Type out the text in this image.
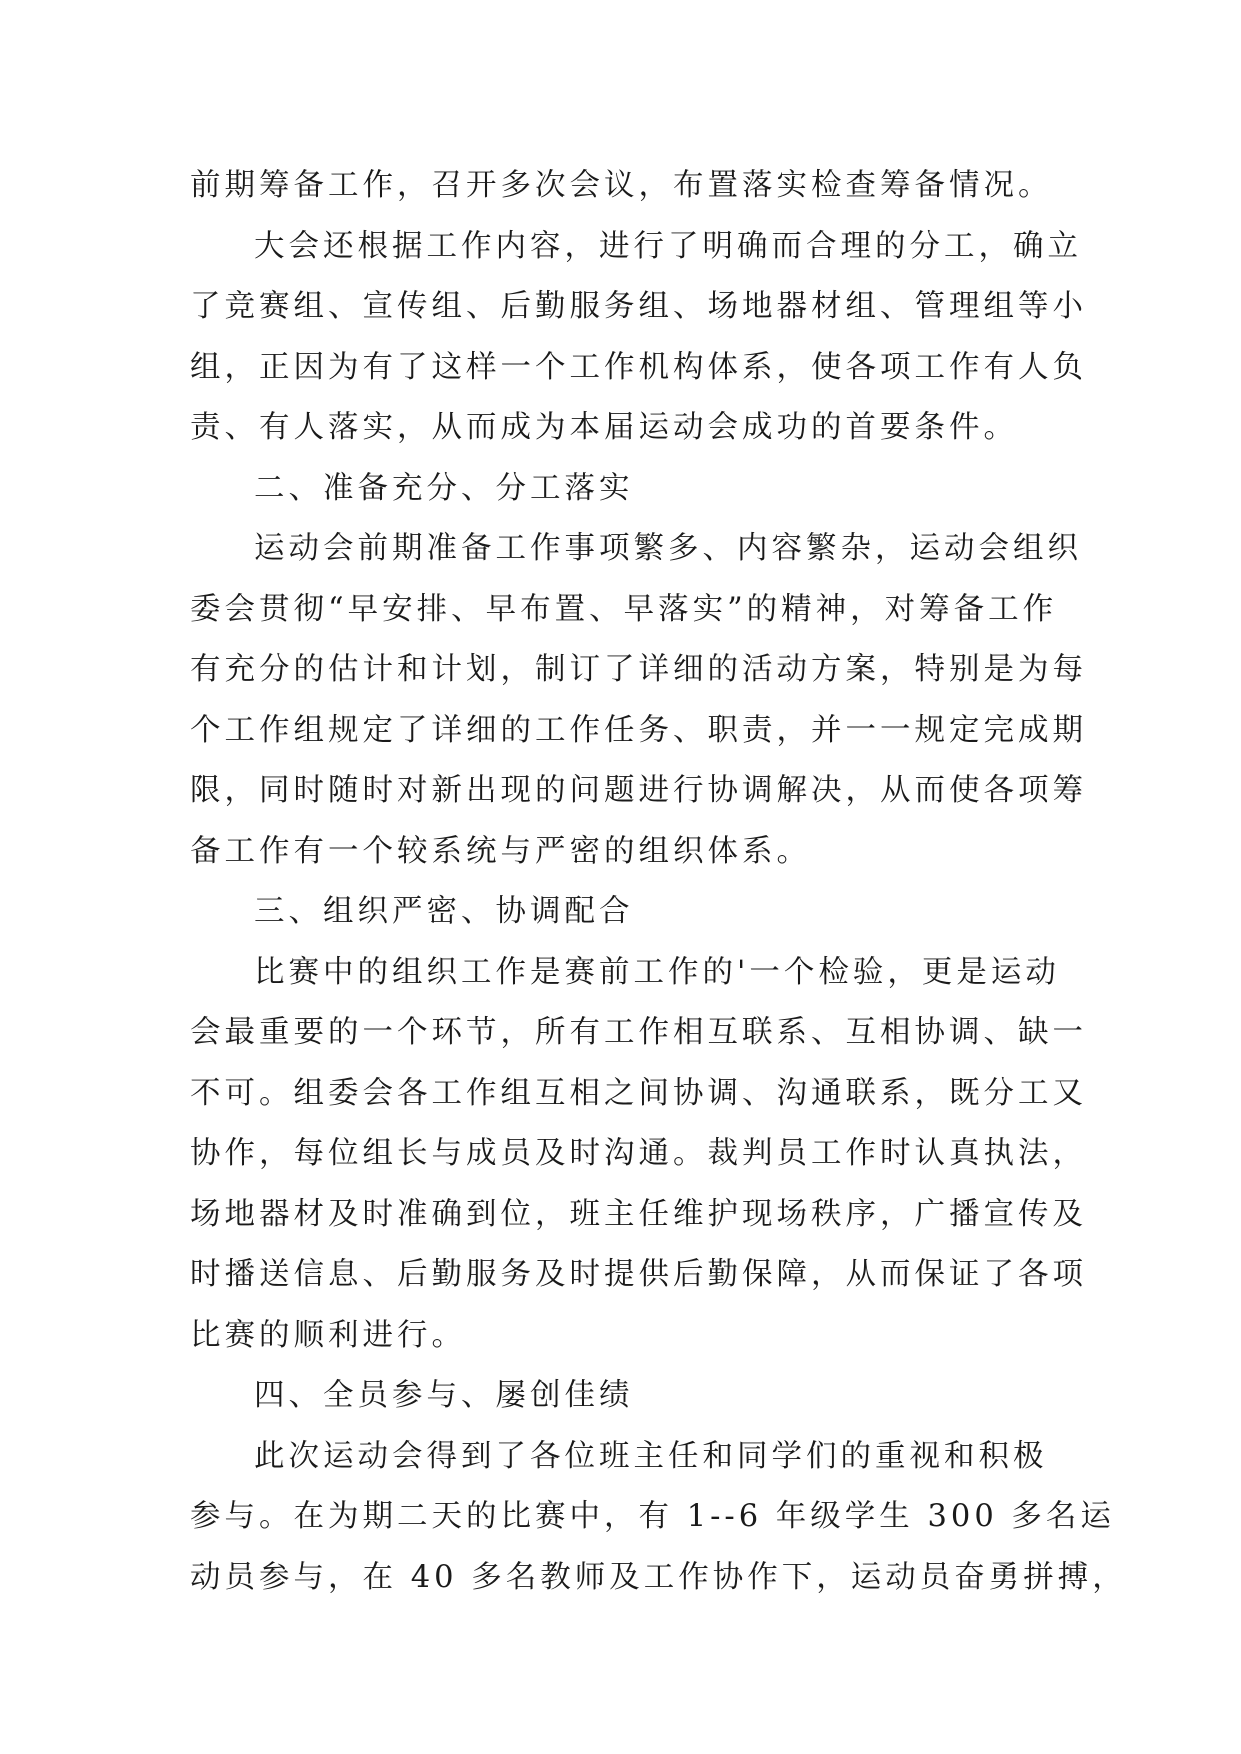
前期筹备工作，召开多次会议，布置落实检查筹备情况。
大会还根据工作内容，进行了明确而合理的分工，确立
了竞赛组、宣传组、后勤服务组、场地器材组、管理组等小
组，正因为有了这样一个工作机构体系，使各项工作有人负
责、有人落实，从而成为本届运动会成功的首要条件。
二、准备充分、分工落实
运动会前期准备工作事项繁多、内容繁杂，运动会组织
委会贯彻“早安排、早布置、早落实”的精神，对筹备工作
有充分的估计和计划，制订了详细的活动方案，特别是为每
个工作组规定了详细的工作任务、职责，并一一规定完成期
限，同时随时对新出现的问题进行协调解决，从而使各项筹
备工作有一个较系统与严密的组织体系。
三、组织严密、协调配合
比赛中的组织工作是赛前工作的'一个检验，更是运动
会最重要的一个环节，所有工作相互联系、互相协调、缺一
不可。组委会各工作组互相之间协调、沟通联系，既分工又
协作，每位组长与成员及时沟通。裁判员工作时认真执法，
场地器材及时准确到位，班主任维护现场秩序，广播宣传及
时播送信息、后勤服务及时提供后勤保障，从而保证了各项
比赛的顺利进行。
四、全员参与、屡创佳绩
此次运动会得到了各位班主任和同学们的重视和积极
参与。在为期二天的比赛中，有 1--6 年级学生 300 多名运
动员参与，在 40 多名教师及工作协作下，运动员奋勇拼搏，
